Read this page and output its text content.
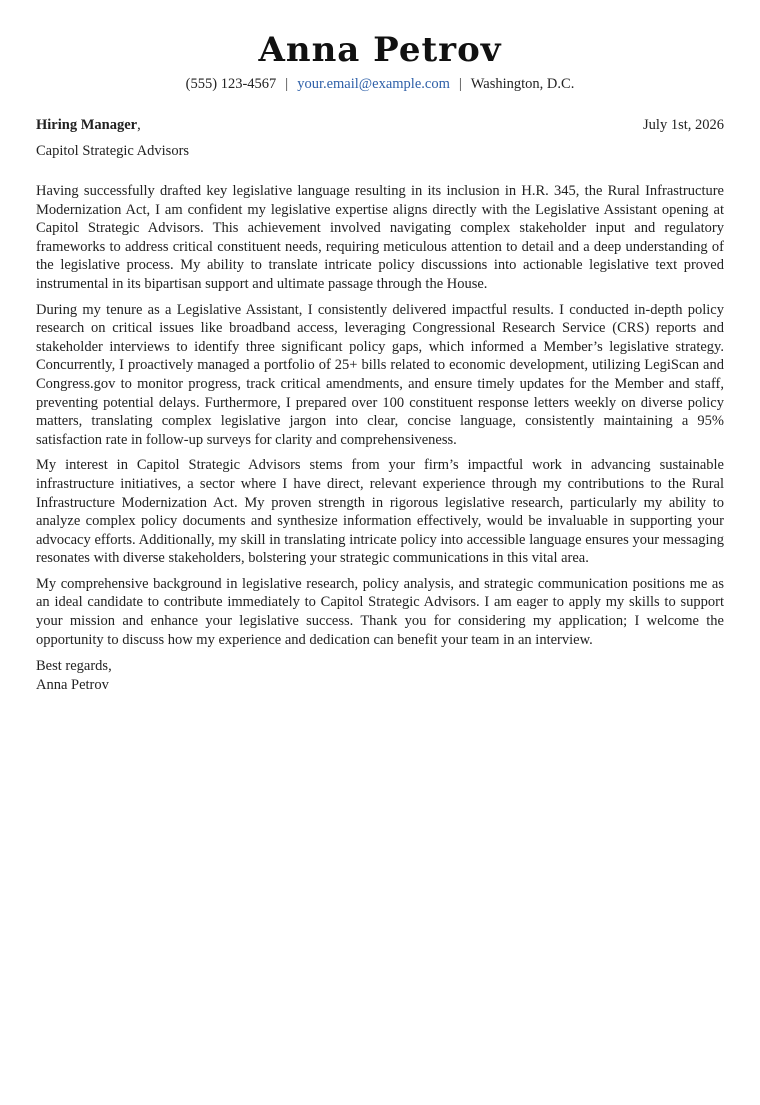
Anna Petrov
(555) 123-4567 | your.email@example.com | Washington, D.C.
Hiring Manager,	July 1st, 2026
Capitol Strategic Advisors

Having successfully drafted key legislative language resulting in its inclusion in H.R. 345, the Rural Infrastructure Modernization Act, I am confident my legislative expertise aligns directly with the Legislative Assistant opening at Capitol Strategic Advisors. This achievement involved navigating complex stakeholder input and regulatory frameworks to address critical constituent needs, requiring meticulous attention to detail and a deep understanding of the legislative process. My ability to translate intricate policy discussions into actionable legislative text proved instrumental in its bipartisan support and ultimate passage through the House.

During my tenure as a Legislative Assistant, I consistently delivered impactful results. I conducted in-depth policy research on critical issues like broadband access, leveraging Congressional Research Service (CRS) reports and stakeholder interviews to identify three significant policy gaps, which informed a Member’s legislative strategy. Concurrently, I proactively managed a portfolio of 25+ bills related to economic development, utilizing LegiScan and Congress.gov to monitor progress, track critical amendments, and ensure timely updates for the Member and staff, preventing potential delays. Furthermore, I prepared over 100 constituent response letters weekly on diverse policy matters, translating complex legislative jargon into clear, concise language, consistently maintaining a 95% satisfaction rate in follow-up surveys for clarity and comprehensiveness.

My interest in Capitol Strategic Advisors stems from your firm’s impactful work in advancing sustainable infrastructure initiatives, a sector where I have direct, relevant experience through my contributions to the Rural Infrastructure Modernization Act. My proven strength in rigorous legislative research, particularly my ability to analyze complex policy documents and synthesize information effectively, would be invaluable in supporting your advocacy efforts. Additionally, my skill in translating intricate policy into accessible language ensures your messaging resonates with diverse stakeholders, bolstering your strategic communications in this vital area.

My comprehensive background in legislative research, policy analysis, and strategic communication positions me as an ideal candidate to contribute immediately to Capitol Strategic Advisors. I am eager to apply my skills to support your mission and enhance your legislative success. Thank you for considering my application; I welcome the opportunity to discuss how my experience and dedication can benefit your team in an interview.

Best regards,
Anna Petrov
